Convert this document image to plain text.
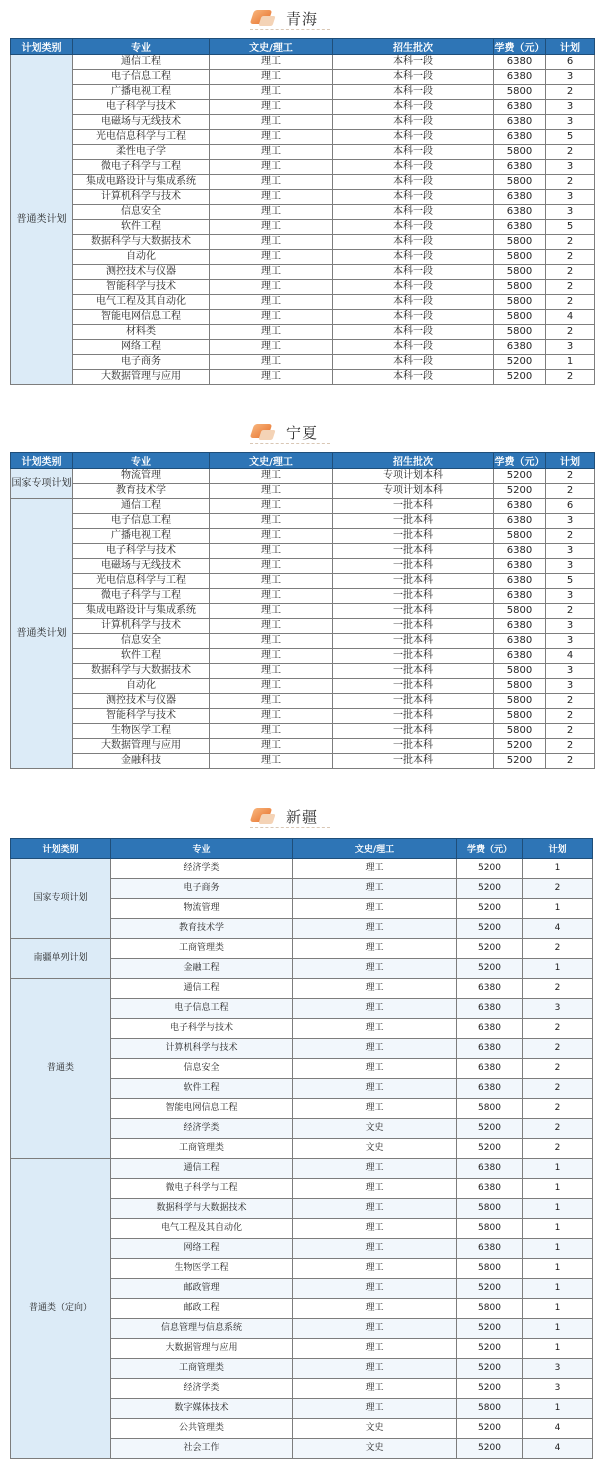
青海
计划类别	专业	文史/理工	招生批次	学费（元）	计划
普通类计划	通信工程	理工	本科一段	6380	6
	电子信息工程	理工	本科一段	6380	3
	广播电视工程	理工	本科一段	5800	2
	电子科学与技术	理工	本科一段	6380	3
	电磁场与无线技术	理工	本科一段	6380	3
	光电信息科学与工程	理工	本科一段	6380	5
	柔性电子学	理工	本科一段	5800	2
	微电子科学与工程	理工	本科一段	6380	3
	集成电路设计与集成系统	理工	本科一段	5800	2
	计算机科学与技术	理工	本科一段	6380	3
	信息安全	理工	本科一段	6380	3
	软件工程	理工	本科一段	6380	5
	数据科学与大数据技术	理工	本科一段	5800	2
	自动化	理工	本科一段	5800	2
	测控技术与仪器	理工	本科一段	5800	2
	智能科学与技术	理工	本科一段	5800	2
	电气工程及其自动化	理工	本科一段	5800	2
	智能电网信息工程	理工	本科一段	5800	4
	材料类	理工	本科一段	5800	2
	网络工程	理工	本科一段	6380	3
	电子商务	理工	本科一段	5200	1
	大数据管理与应用	理工	本科一段	5200	2
宁夏
计划类别	专业	文史/理工	招生批次	学费（元）	计划
国家专项计划	物流管理	理工	专项计划本科	5200	2
	教育技术学	理工	专项计划本科	5200	2
普通类计划	通信工程	理工	一批本科	6380	6
	电子信息工程	理工	一批本科	6380	3
	广播电视工程	理工	一批本科	5800	2
	电子科学与技术	理工	一批本科	6380	3
	电磁场与无线技术	理工	一批本科	6380	3
	光电信息科学与工程	理工	一批本科	6380	5
	微电子科学与工程	理工	一批本科	6380	3
	集成电路设计与集成系统	理工	一批本科	5800	2
	计算机科学与技术	理工	一批本科	6380	3
	信息安全	理工	一批本科	6380	3
	软件工程	理工	一批本科	6380	4
	数据科学与大数据技术	理工	一批本科	5800	3
	自动化	理工	一批本科	5800	3
	测控技术与仪器	理工	一批本科	5800	2
	智能科学与技术	理工	一批本科	5800	2
	生物医学工程	理工	一批本科	5800	2
	大数据管理与应用	理工	一批本科	5200	2
	金融科技	理工	一批本科	5200	2
新疆
计划类别	专业	文史/理工	学费（元）	计划
国家专项计划	经济学类	理工	5200	1
	电子商务	理工	5200	2
	物流管理	理工	5200	1
	教育技术学	理工	5200	4
南疆单列计划	工商管理类	理工	5200	2
	金融工程	理工	5200	1
普通类	通信工程	理工	6380	2
	电子信息工程	理工	6380	3
	电子科学与技术	理工	6380	2
	计算机科学与技术	理工	6380	2
	信息安全	理工	6380	2
	软件工程	理工	6380	2
	智能电网信息工程	理工	5800	2
	经济学类	文史	5200	2
	工商管理类	文史	5200	2
普通类（定向）	通信工程	理工	6380	1
	微电子科学与工程	理工	6380	1
	数据科学与大数据技术	理工	5800	1
	电气工程及其自动化	理工	5800	1
	网络工程	理工	6380	1
	生物医学工程	理工	5800	1
	邮政管理	理工	5200	1
	邮政工程	理工	5800	1
	信息管理与信息系统	理工	5200	1
	大数据管理与应用	理工	5200	1
	工商管理类	理工	5200	3
	经济学类	理工	5200	3
	数字媒体技术	理工	5800	1
	公共管理类	文史	5200	4
	社会工作	文史	5200	4
